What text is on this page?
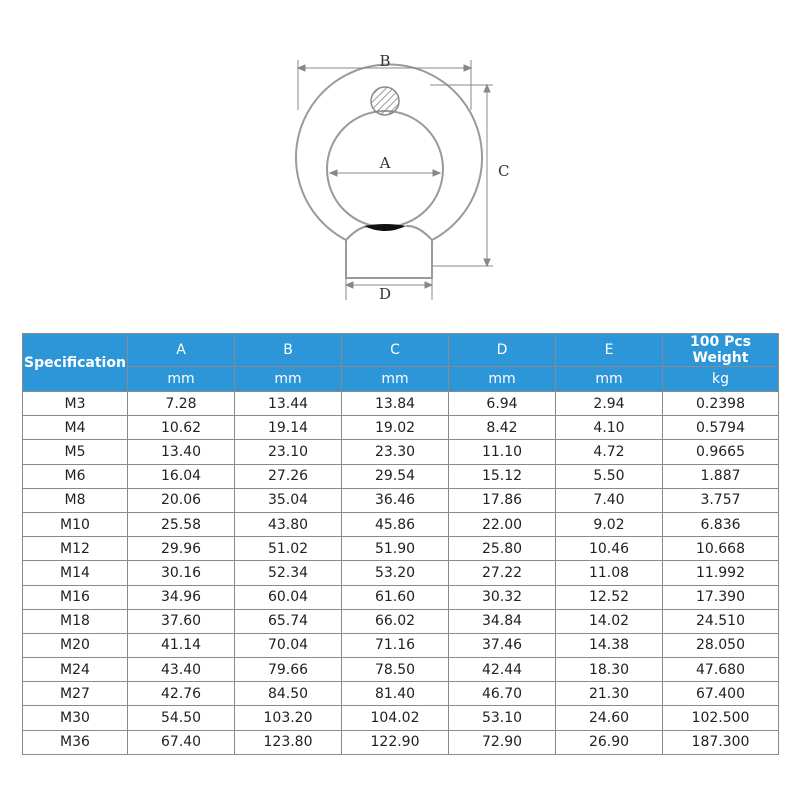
B
A	C
D
Specification	A	B	C	D	E	100 Pcs Weight
	mm	mm	mm	mm	mm	kg
M3	7.28	13.44	13.84	6.94	2.94	0.2398
M4	10.62	19.14	19.02	8.42	4.10	0.5794
M5	13.40	23.10	23.30	11.10	4.72	0.9665
M6	16.04	27.26	29.54	15.12	5.50	1.887
M8	20.06	35.04	36.46	17.86	7.40	3.757
M10	25.58	43.80	45.86	22.00	9.02	6.836
M12	29.96	51.02	51.90	25.80	10.46	10.668
M14	30.16	52.34	53.20	27.22	11.08	11.992
M16	34.96	60.04	61.60	30.32	12.52	17.390
M18	37.60	65.74	66.02	34.84	14.02	24.510
M20	41.14	70.04	71.16	37.46	14.38	28.050
M24	43.40	79.66	78.50	42.44	18.30	47.680
M27	42.76	84.50	81.40	46.70	21.30	67.400
M30	54.50	103.20	104.02	53.10	24.60	102.500
M36	67.40	123.80	122.90	72.90	26.90	187.300
